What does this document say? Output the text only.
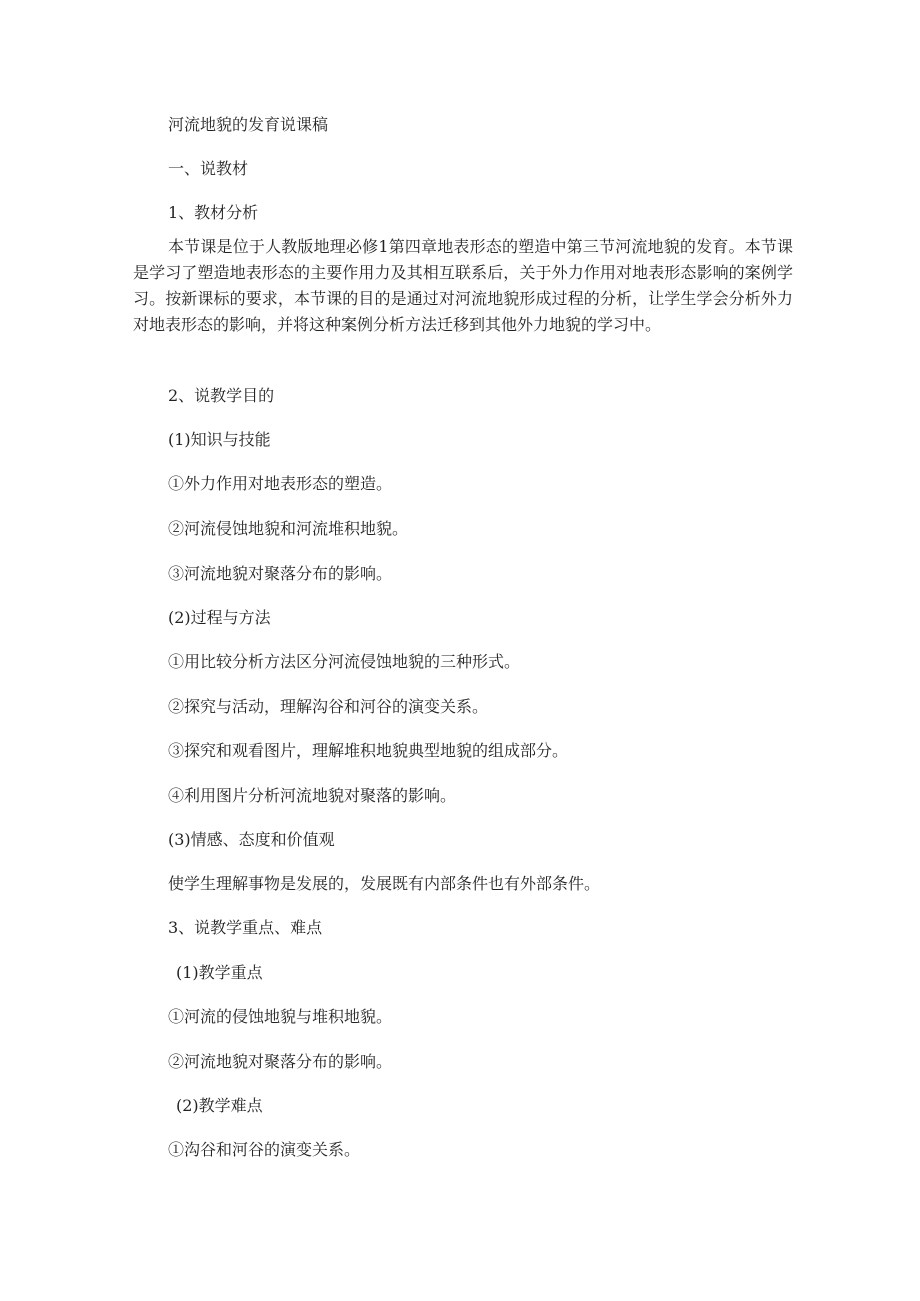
河流地貌的发育说课稿
一、说教材
1、教材分析
本节课是位于人教版地理必修1第四章地表形态的塑造中第三节河流地貌的发育。本节课是学习了塑造地表形态的主要作用力及其相互联系后，关于外力作用对地表形态影响的案例学习。按新课标的要求，本节课的目的是通过对河流地貌形成过程的分析，让学生学会分析外力对地表形态的影响，并将这种案例分析方法迁移到其他外力地貌的学习中。
2、说教学目的
(1)知识与技能
①外力作用对地表形态的塑造。
②河流侵蚀地貌和河流堆积地貌。
③河流地貌对聚落分布的影响。
(2)过程与方法
①用比较分析方法区分河流侵蚀地貌的三种形式。
②探究与活动，理解沟谷和河谷的演变关系。
③探究和观看图片，理解堆积地貌典型地貌的组成部分。
④利用图片分析河流地貌对聚落的影响。
(3)情感、态度和价值观
使学生理解事物是发展的，发展既有内部条件也有外部条件。
3、说教学重点、难点
(1)教学重点
①河流的侵蚀地貌与堆积地貌。
②河流地貌对聚落分布的影响。
(2)教学难点
①沟谷和河谷的演变关系。
